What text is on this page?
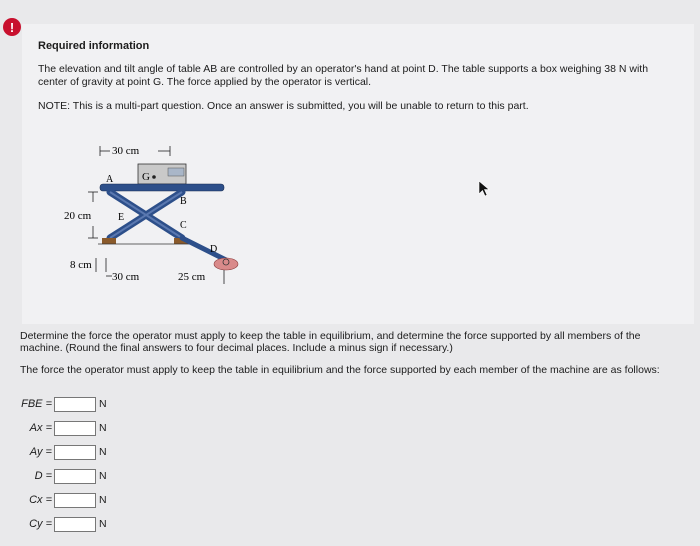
!

Required information

The elevation and tilt angle of table AB are controlled by an operator's hand at point D. The table supports a box weighing 38 N with center of gravity at point G. The force applied by the operator is vertical.

NOTE: This is a multi-part question. Once an answer is submitted, you will be unable to return to this part.

30 cm
G
A
B
E
C
20 cm
8 cm
D
30 cm	25 cm

Determine the force the operator must apply to keep the table in equilibrium, and determine the force supported by all members of the machine. (Round the final answers to four decimal places. Include a minus sign if necessary.)

The force the operator must apply to keep the table in equilibrium and the force supported by each member of the machine are as follows:

FBE =	N
Ax =	N
Ay =	N
D =	N
Cx =	N
Cy =	N
